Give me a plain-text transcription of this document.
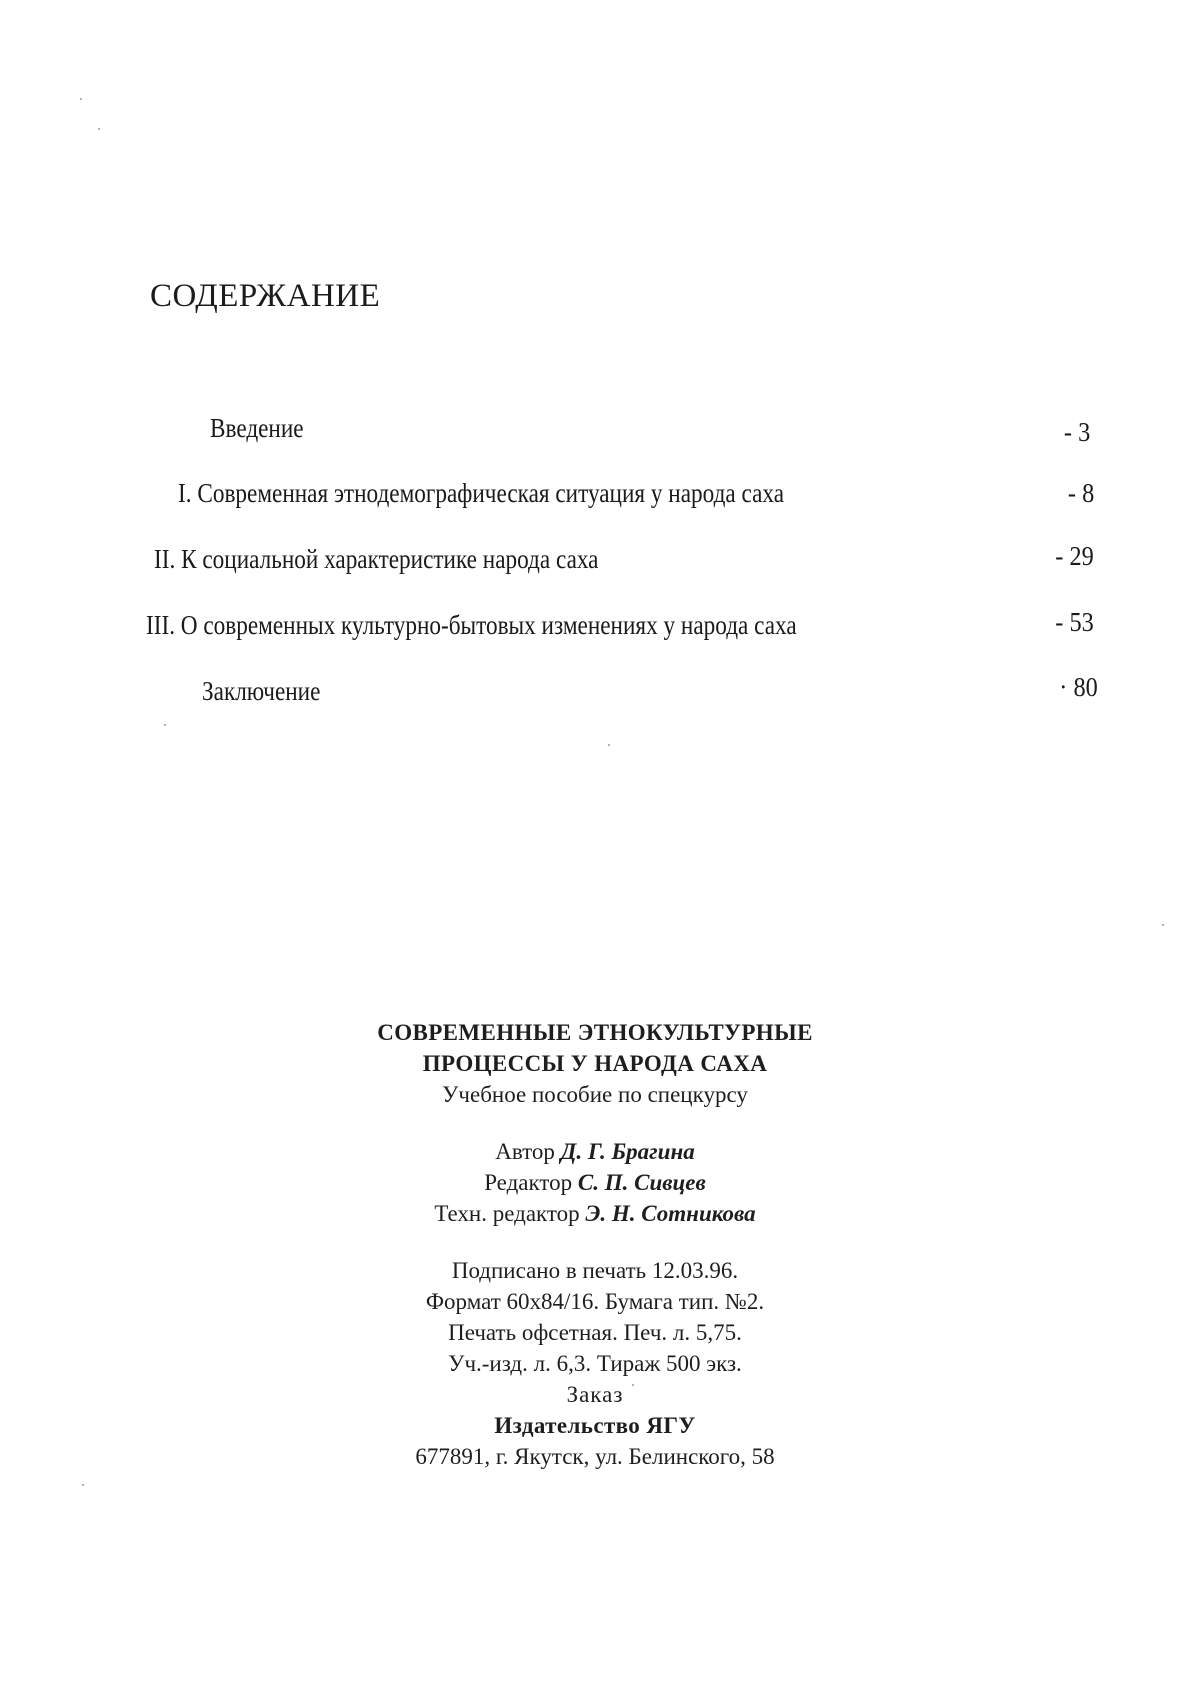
СОДЕРЖАНИЕ
Введение	- 3
I. Современная этнодемографическая ситуация у народа саха	- 8
II. К социальной характеристике народа саха	- 29
III. О современных культурно-бытовых изменениях у народа саха	- 53
Заключение	· 80
СОВРЕМЕННЫЕ ЭТНОКУЛЬТУРНЫЕ
ПРОЦЕССЫ У НАРОДА САХА
Учебное пособие по спецкурсу
Автор Д. Г. Брагина
Редактор С. П. Сивцев
Техн. редактор Э. Н. Сотникова
Подписано в печать 12.03.96.
Формат 60х84/16. Бумага тип. №2.
Печать офсетная. Печ. л. 5,75.
Уч.-изд. л. 6,3. Тираж 500 экз.
Заказ
Издательство ЯГУ
677891, г. Якутск, ул. Белинского, 58
